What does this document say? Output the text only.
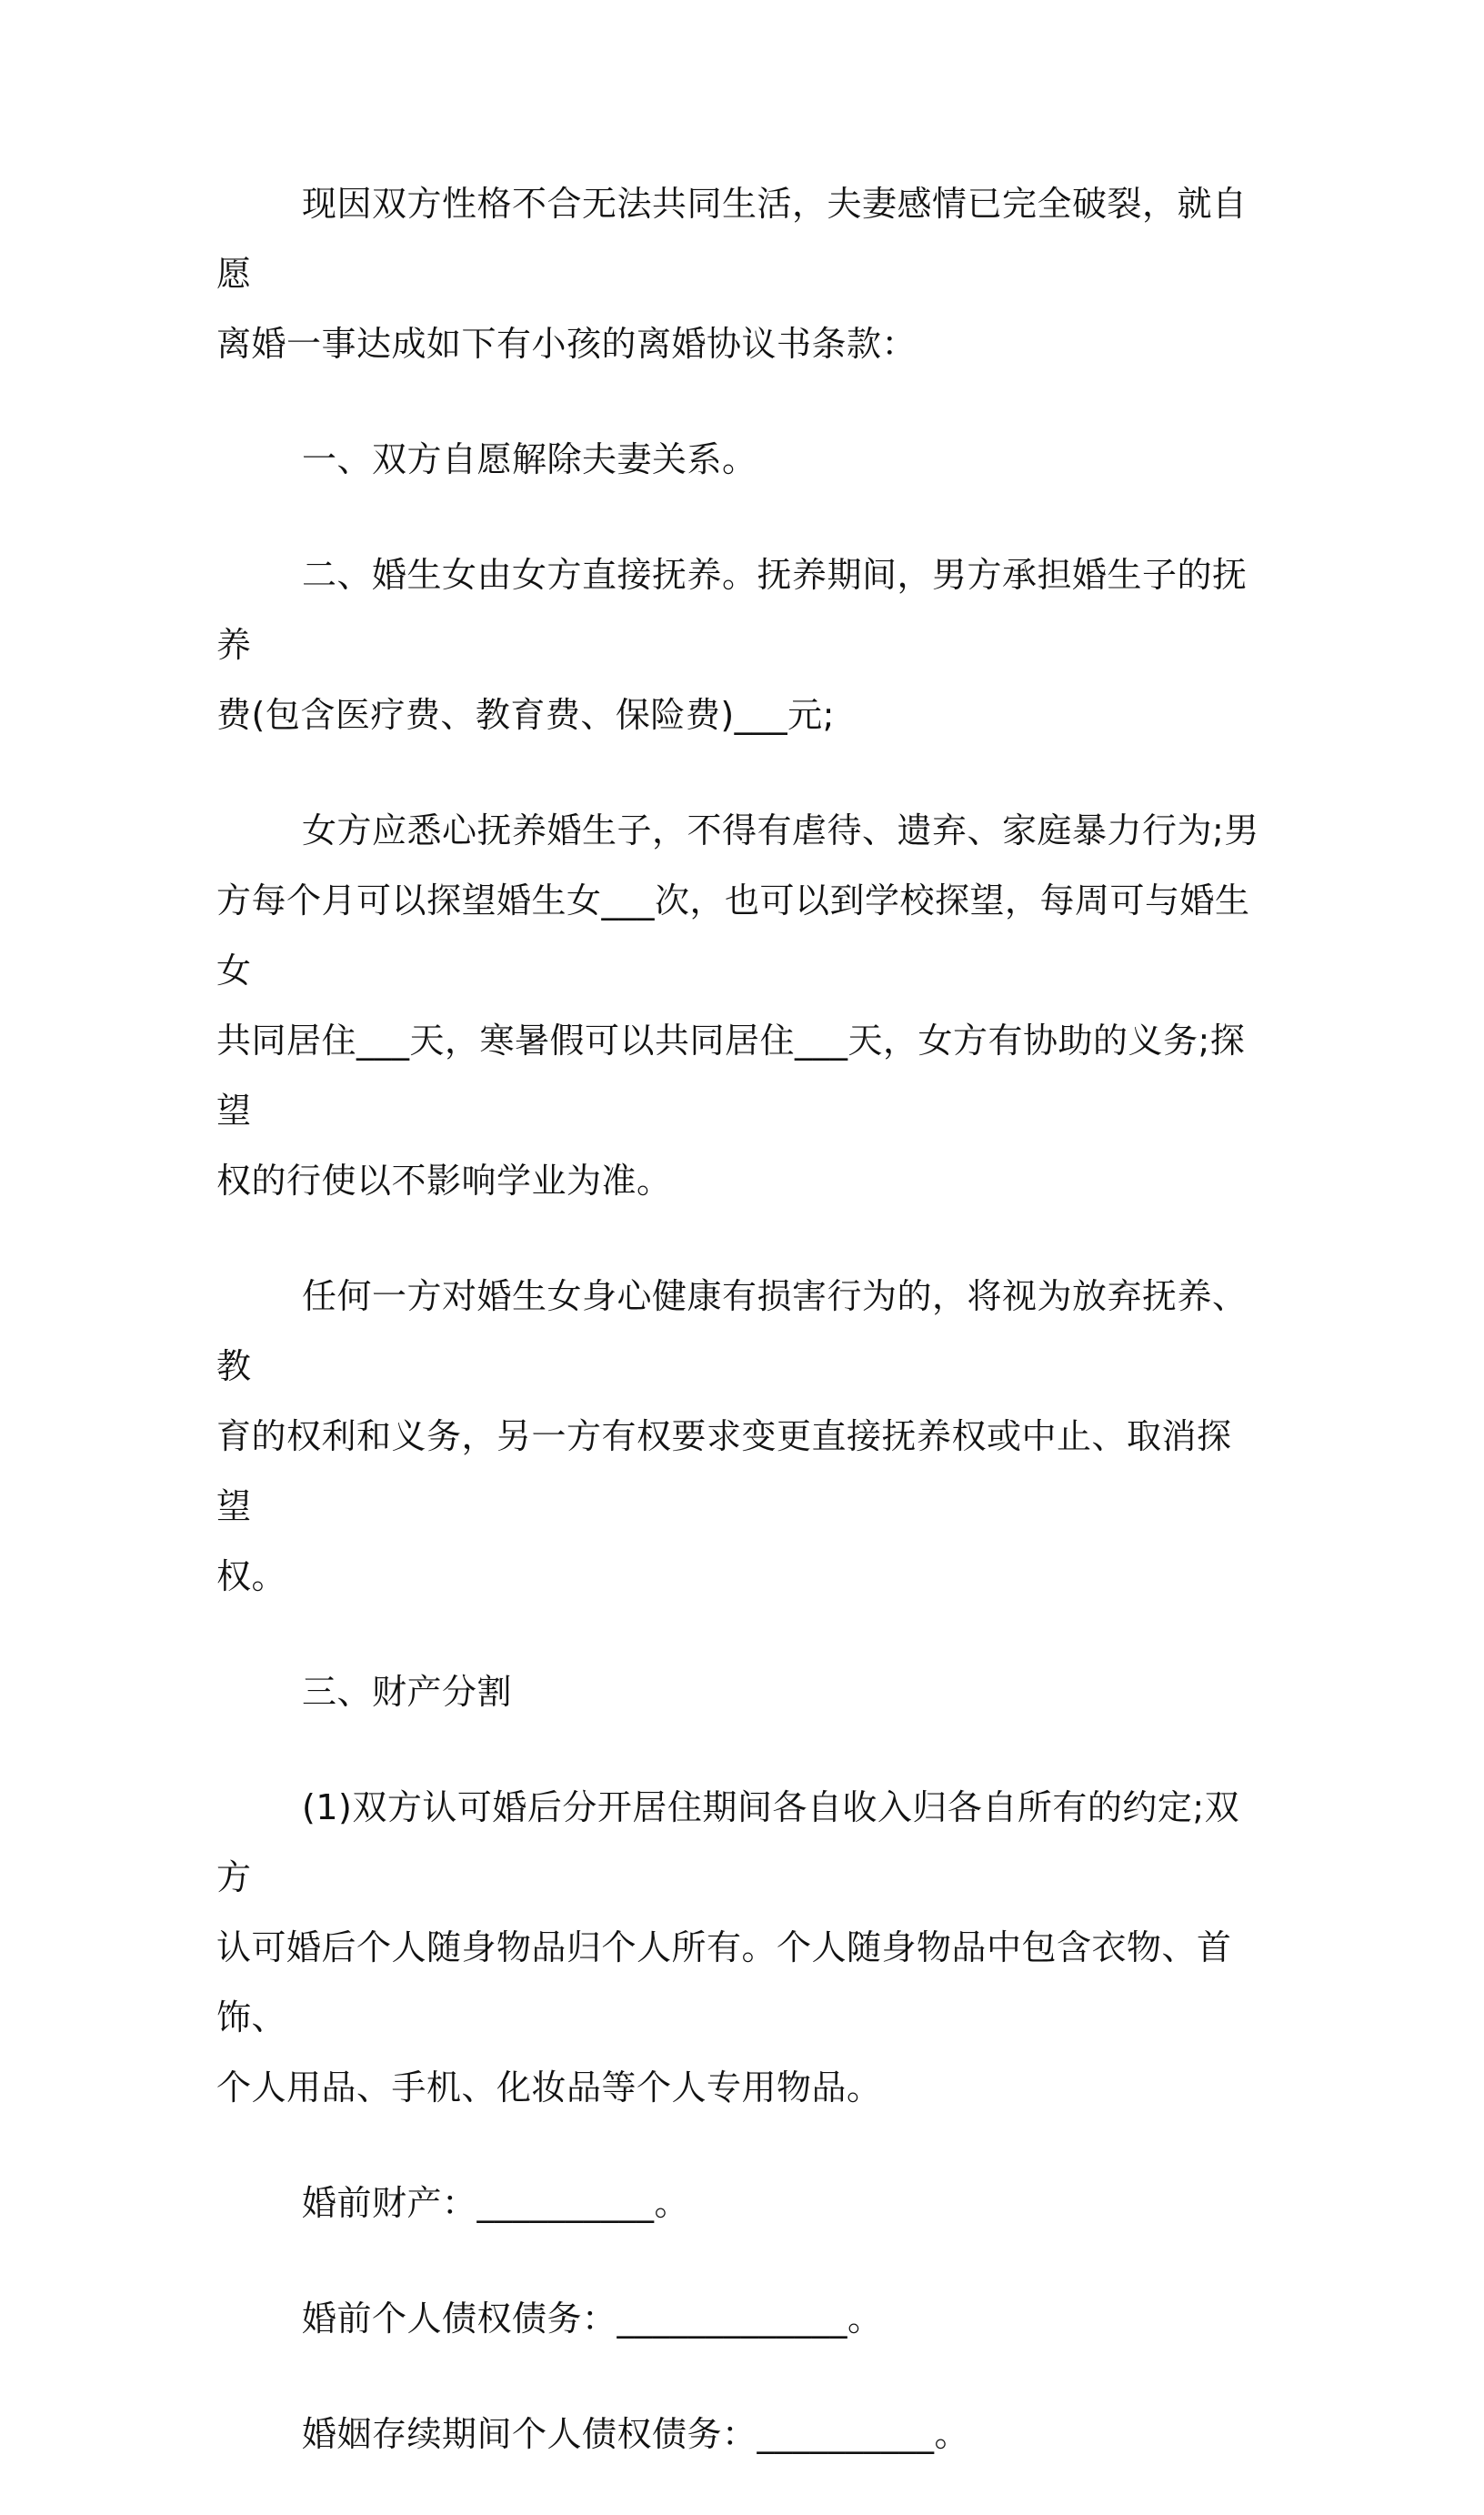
现因双方性格不合无法共同生活，夫妻感情已完全破裂，就自愿
离婚一事达成如下有小孩的离婚协议书条款：

一、双方自愿解除夫妻关系。

二、婚生女由女方直接抚养。抚养期间，男方承担婚生子的抚养
费(包含医疗费、教育费、保险费)___元;

女方应悉心抚养婚生子，不得有虐待、遗弃、家庭暴力行为;男
方每个月可以探望婚生女___次，也可以到学校探望，每周可与婚生女
共同居住___天，寒暑假可以共同居住___天，女方有协助的义务;探望
权的行使以不影响学业为准。

任何一方对婚生女身心健康有损害行为的，将视为放弃抚养、教
育的权利和义务，另一方有权要求变更直接抚养权或中止、取消探望
权。

三、财产分割

(1)双方认可婚后分开居住期间各自收入归各自所有的约定;双方
认可婚后个人随身物品归个人所有。个人随身物品中包含衣物、首饰、
个人用品、手机、化妆品等个人专用物品。

婚前财产：__________。

婚前个人债权债务：_____________。

婚姻存续期间个人债权债务：__________。
